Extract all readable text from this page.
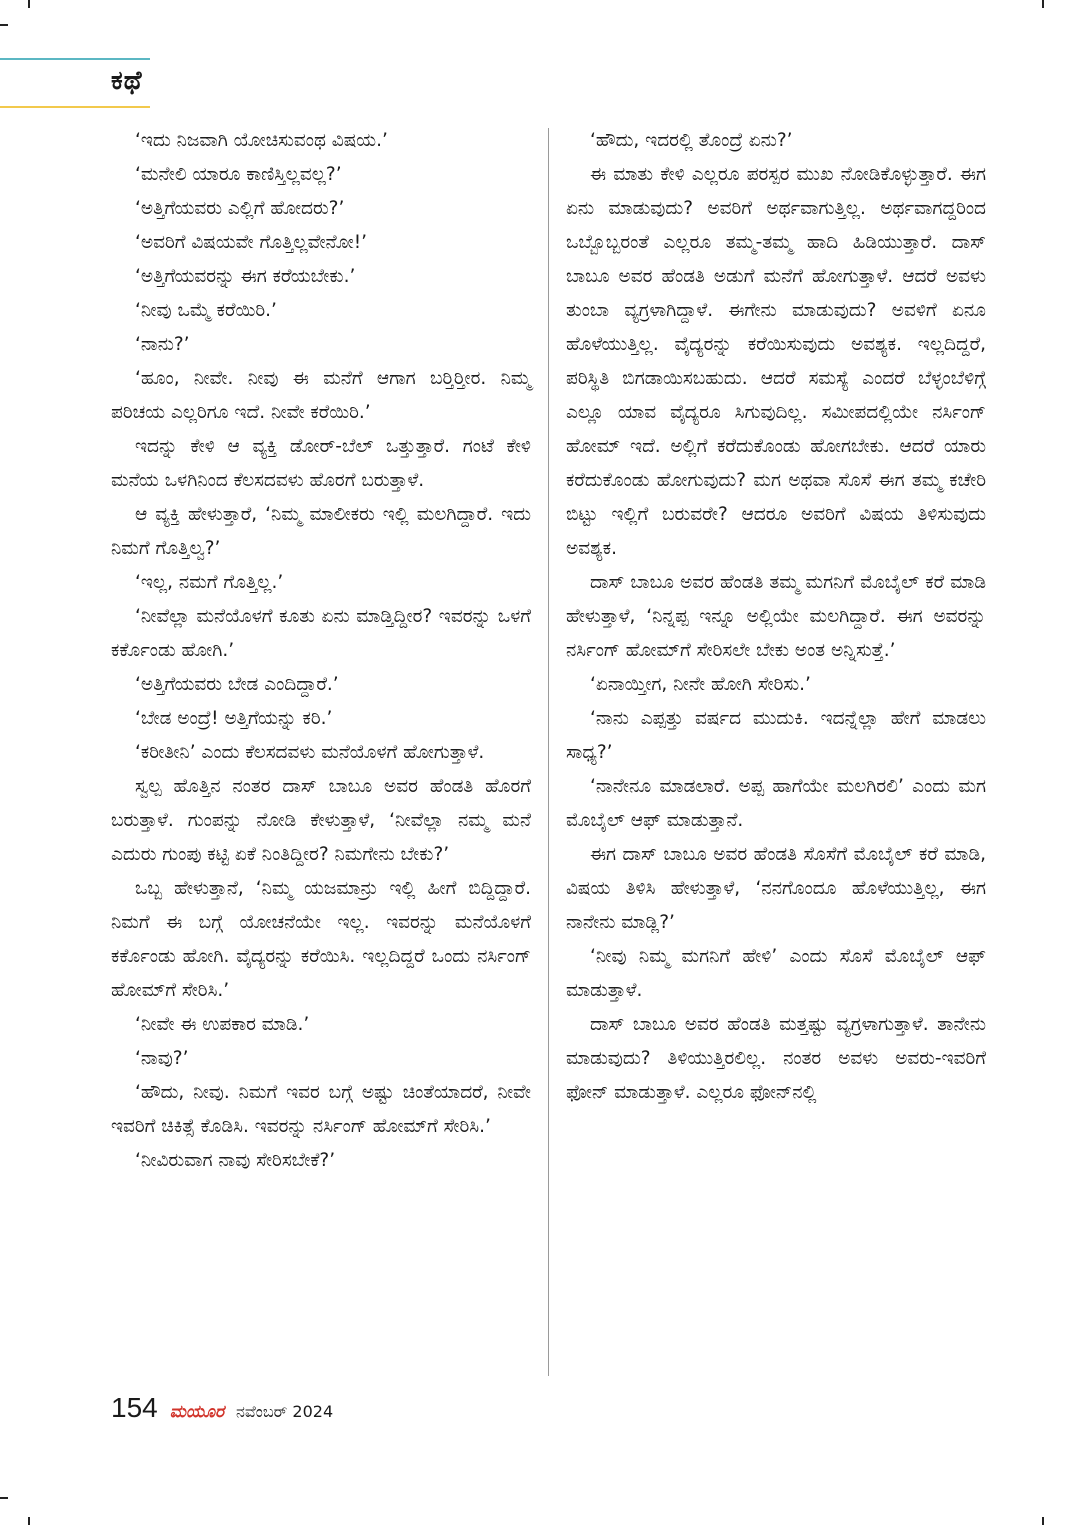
ಕಥೆ

‘ಇದು ನಿಜವಾಗಿ ಯೋಚಿಸುವಂಥ ವಿಷಯ.’

‘ಮನೇಲಿ ಯಾರೂ ಕಾಣಿಸ್ತಿಲ್ಲವಲ್ಲ?’

‘ಅತ್ತಿಗೆಯವರು ಎಲ್ಲಿಗೆ ಹೋದರು?’

‘ಅವರಿಗೆ ವಿಷಯವೇ ಗೊತ್ತಿಲ್ಲವೇನೋ!’

‘ಅತ್ತಿಗೆಯವರನ್ನು ಈಗ ಕರೆಯಬೇಕು.’

‘ನೀವು ಒಮ್ಮೆ ಕರೆಯಿರಿ.’

‘ನಾನು?’

‘ಹೂಂ, ನೀವೇ. ನೀವು ಈ ಮನೆಗೆ ಆಗಾಗ ಬರ್‍ತಿರ್‍ತೀರ. ನಿಮ್ಮ ಪರಿಚಯ ಎಲ್ಲರಿಗೂ ಇದೆ. ನೀವೇ ಕರೆಯಿರಿ.’

ಇದನ್ನು ಕೇಳಿ ಆ ವ್ಯಕ್ತಿ ಡೋರ್-ಬೆಲ್ ಒತ್ತುತ್ತಾರೆ. ಗಂಟೆ ಕೇಳಿ ಮನೆಯ ಒಳಗಿನಿಂದ ಕೆಲಸದವಳು ಹೊರಗೆ ಬರುತ್ತಾಳೆ.

ಆ ವ್ಯಕ್ತಿ ಹೇಳುತ್ತಾರೆ, ‘ನಿಮ್ಮ ಮಾಲೀಕರು ಇಲ್ಲಿ ಮಲಗಿದ್ದಾರೆ. ಇದು ನಿಮಗೆ ಗೊತ್ತಿಲ್ವ?’

‘ಇಲ್ಲ, ನಮಗೆ ಗೊತ್ತಿಲ್ಲ.’

‘ನೀವೆಲ್ಲಾ ಮನೆಯೊಳಗೆ ಕೂತು ಏನು ಮಾಡ್ತಿದ್ದೀರ? ಇವರನ್ನು ಒಳಗೆ ಕರ್ಕೊಂಡು ಹೋಗಿ.’

‘ಅತ್ತಿಗೆಯವರು ಬೇಡ ಎಂದಿದ್ದಾರೆ.’

‘ಬೇಡ ಅಂದ್ರೆ! ಅತ್ತಿಗೆಯನ್ನು ಕರಿ.’

‘ಕರೀತೀನಿ’ ಎಂದು ಕೆಲಸದವಳು ಮನೆಯೊಳಗೆ ಹೋಗುತ್ತಾಳೆ.

ಸ್ವಲ್ಪ ಹೊತ್ತಿನ ನಂತರ ದಾಸ್ ಬಾಬೂ ಅವರ ಹೆಂಡತಿ ಹೊರಗೆ ಬರುತ್ತಾಳೆ. ಗುಂಪನ್ನು ನೋಡಿ ಕೇಳುತ್ತಾಳೆ, ‘ನೀವೆಲ್ಲಾ ನಮ್ಮ ಮನೆ ಎದುರು ಗುಂಪು ಕಟ್ಟಿ ಏಕೆ ನಿಂತಿದ್ದೀರ? ನಿಮಗೇನು ಬೇಕು?’

ಒಬ್ಬ ಹೇಳುತ್ತಾನೆ, ‘ನಿಮ್ಮ ಯಜಮಾನ್ರು ಇಲ್ಲಿ ಹೀಗೆ ಬಿದ್ದಿದ್ದಾರೆ. ನಿಮಗೆ ಈ ಬಗ್ಗೆ ಯೋಚನೆಯೇ ಇಲ್ಲ. ಇವರನ್ನು ಮನೆಯೊಳಗೆ ಕರ್ಕೊಂಡು ಹೋಗಿ. ವೈದ್ಯರನ್ನು ಕರೆಯಿಸಿ. ಇಲ್ಲದಿದ್ದರೆ ಒಂದು ನರ್ಸಿಂಗ್ ಹೋಮ್‌ಗೆ ಸೇರಿಸಿ.’

‘ನೀವೇ ಈ ಉಪಕಾರ ಮಾಡಿ.’

‘ನಾವು?’

‘ಹೌದು, ನೀವು. ನಿಮಗೆ ಇವರ ಬಗ್ಗೆ ಅಷ್ಟು ಚಿಂತೆಯಾದರೆ, ನೀವೇ ಇವರಿಗೆ ಚಿಕಿತ್ಸೆ ಕೊಡಿಸಿ. ಇವರನ್ನು ನರ್ಸಿಂಗ್ ಹೋಮ್‌ಗೆ ಸೇರಿಸಿ.’

‘ನೀವಿರುವಾಗ ನಾವು ಸೇರಿಸಬೇಕೆ?’

‘ಹೌದು, ಇದರಲ್ಲಿ ತೊಂದ್ರೆ ಏನು?’

ಈ ಮಾತು ಕೇಳಿ ಎಲ್ಲರೂ ಪರಸ್ಪರ ಮುಖ ನೋಡಿಕೊಳ್ಳುತ್ತಾರೆ. ಈಗ ಏನು ಮಾಡುವುದು? ಅವರಿಗೆ ಅರ್ಥವಾಗುತ್ತಿಲ್ಲ. ಅರ್ಥವಾಗದ್ದರಿಂದ ಒಬ್ಬೊಬ್ಬರಂತೆ ಎಲ್ಲರೂ ತಮ್ಮ-ತಮ್ಮ ಹಾದಿ ಹಿಡಿಯುತ್ತಾರೆ. ದಾಸ್ ಬಾಬೂ ಅವರ ಹೆಂಡತಿ ಅಡುಗೆ ಮನೆಗೆ ಹೋಗುತ್ತಾಳೆ. ಆದರೆ ಅವಳು ತುಂಬಾ ವ್ಯಗ್ರಳಾಗಿದ್ದಾಳೆ. ಈಗೇನು ಮಾಡುವುದು? ಅವಳಿಗೆ ಏನೂ ಹೊಳೆಯುತ್ತಿಲ್ಲ. ವೈದ್ಯರನ್ನು ಕರೆಯಿಸುವುದು ಅವಶ್ಯಕ. ಇಲ್ಲದಿದ್ದರೆ, ಪರಿಸ್ಥಿತಿ ಬಿಗಡಾಯಿಸಬಹುದು. ಆದರೆ ಸಮಸ್ಯೆ ಎಂದರೆ ಬೆಳ್ಳಂಬೆಳಿಗ್ಗೆ ಎಲ್ಲೂ ಯಾವ ವೈದ್ಯರೂ ಸಿಗುವುದಿಲ್ಲ. ಸಮೀಪದಲ್ಲಿಯೇ ನರ್ಸಿಂಗ್ ಹೋಮ್ ಇದೆ. ಅಲ್ಲಿಗೆ ಕರೆದುಕೊಂಡು ಹೋಗಬೇಕು. ಆದರೆ ಯಾರು ಕರೆದುಕೊಂಡು ಹೋಗುವುದು? ಮಗ ಅಥವಾ ಸೊಸೆ ಈಗ ತಮ್ಮ ಕಚೇರಿ ಬಿಟ್ಟು ಇಲ್ಲಿಗೆ ಬರುವರೇ? ಆದರೂ ಅವರಿಗೆ ವಿಷಯ ತಿಳಿಸುವುದು ಅವಶ್ಯಕ.

ದಾಸ್ ಬಾಬೂ ಅವರ ಹೆಂಡತಿ ತಮ್ಮ ಮಗನಿಗೆ ಮೊಬೈಲ್ ಕರೆ ಮಾಡಿ ಹೇಳುತ್ತಾಳೆ, ‘ನಿನ್ನಪ್ಪ ಇನ್ನೂ ಅಲ್ಲಿಯೇ ಮಲಗಿದ್ದಾರೆ. ಈಗ ಅವರನ್ನು ನರ್ಸಿಂಗ್ ಹೋಮ್‌ಗೆ ಸೇರಿಸಲೇ ಬೇಕು ಅಂತ ಅನ್ನಿಸುತ್ತೆ.’

‘ಏನಾಯ್ತೀಗ, ನೀನೇ ಹೋಗಿ ಸೇರಿಸು.’

‘ನಾನು ಎಪ್ಪತ್ತು ವರ್ಷದ ಮುದುಕಿ. ಇದನ್ನೆಲ್ಲಾ ಹೇಗೆ ಮಾಡಲು ಸಾಧ್ಯ?’

‘ನಾನೇನೂ ಮಾಡಲಾರೆ. ಅಪ್ಪ ಹಾಗೆಯೇ ಮಲಗಿರಲಿ’ ಎಂದು ಮಗ ಮೊಬೈಲ್ ಆಫ್ ಮಾಡುತ್ತಾನೆ.

ಈಗ ದಾಸ್ ಬಾಬೂ ಅವರ ಹೆಂಡತಿ ಸೊಸೆಗೆ ಮೊಬೈಲ್ ಕರೆ ಮಾಡಿ, ವಿಷಯ ತಿಳಿಸಿ ಹೇಳುತ್ತಾಳೆ, ‘ನನಗೊಂದೂ ಹೊಳೆಯುತ್ತಿಲ್ಲ, ಈಗ ನಾನೇನು ಮಾಡ್ಲಿ?’

‘ನೀವು ನಿಮ್ಮ ಮಗನಿಗೆ ಹೇಳಿ’ ಎಂದು ಸೊಸೆ ಮೊಬೈಲ್ ಆಫ್ ಮಾಡುತ್ತಾಳೆ.

ದಾಸ್ ಬಾಬೂ ಅವರ ಹೆಂಡತಿ ಮತ್ತಷ್ಟು ವ್ಯಗ್ರಳಾಗುತ್ತಾಳೆ. ತಾನೇನು ಮಾಡುವುದು? ತಿಳಿಯುತ್ತಿರಲಿಲ್ಲ. ನಂತರ ಅವಳು ಅವರು-ಇವರಿಗೆ ಫೋನ್ ಮಾಡುತ್ತಾಳೆ. ಎಲ್ಲರೂ ಫೋನ್‌ನಲ್ಲಿ

154 ಮಯೂರ ನವೆಂಬರ್ 2024
